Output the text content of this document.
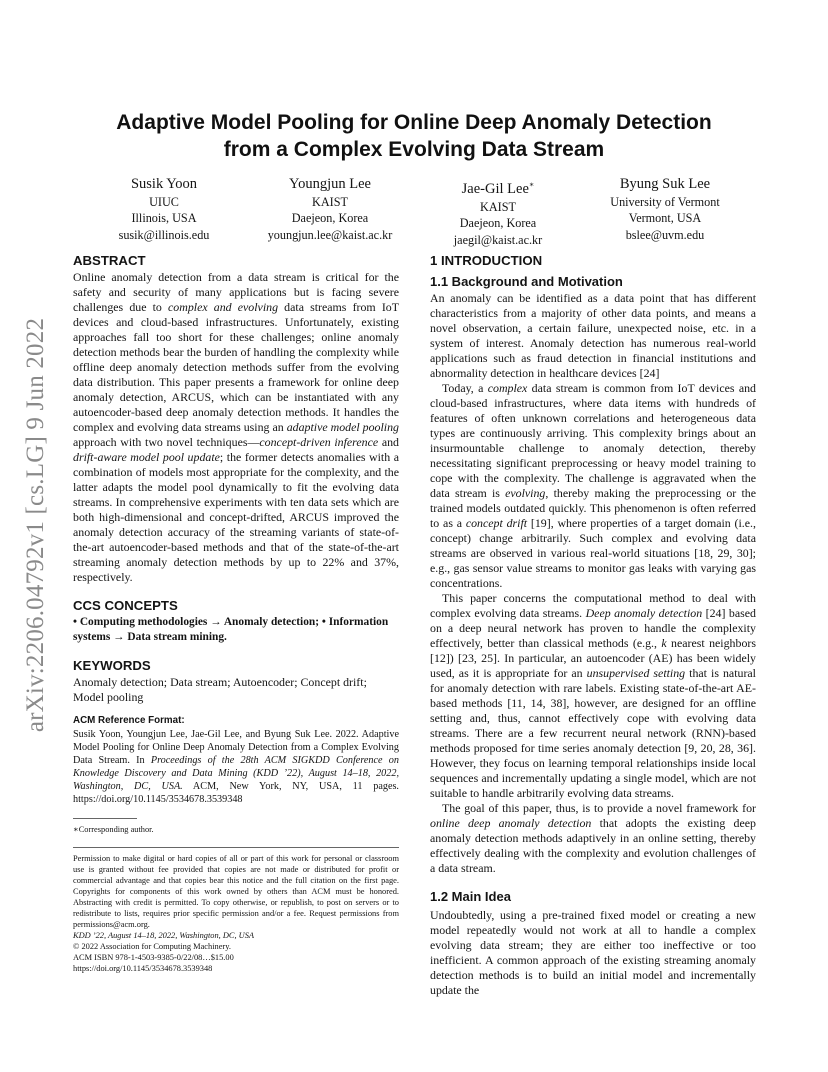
arXiv:2206.04792v1 [cs.LG] 9 Jun 2022
Adaptive Model Pooling for Online Deep Anomaly Detection
from a Complex Evolving Data Stream
Susik Yoon
UIUC
Illinois, USA
susik@illinois.edu
Youngjun Lee
KAIST
Daejeon, Korea
youngjun.lee@kaist.ac.kr
Jae-Gil Lee∗
KAIST
Daejeon, Korea
jaegil@kaist.ac.kr
Byung Suk Lee
University of Vermont
Vermont, USA
bslee@uvm.edu
ABSTRACT

Online anomaly detection from a data stream is critical for the safety and security of many applications but is facing severe challenges due to complex and evolving data streams from IoT devices and cloud-based infrastructures. Unfortunately, existing approaches fall too short for these challenges; online anomaly detection methods bear the burden of handling the complexity while offline deep anomaly detection methods suffer from the evolving data distribution. This paper presents a framework for online deep anomaly detection, ARCUS, which can be instantiated with any autoencoder-based deep anomaly detection methods. It handles the complex and evolving data streams using an adaptive model pooling approach with two novel techniques—concept-driven inference and drift-aware model pool update; the former detects anomalies with a combination of models most appropriate for the complexity, and the latter adapts the model pool dynamically to fit the evolving data streams. In comprehensive experiments with ten data sets which are both high-dimensional and concept-drifted, ARCUS improved the anomaly detection accuracy of the streaming variants of state-of-the-art autoencoder-based methods and that of the state-of-the-art streaming anomaly detection methods by up to 22% and 37%, respectively.

CCS CONCEPTS

• Computing methodologies → Anomaly detection; • Information systems → Data stream mining.

KEYWORDS

Anomaly detection; Data stream; Autoencoder; Concept drift; Model pooling

ACM Reference Format:

Susik Yoon, Youngjun Lee, Jae-Gil Lee, and Byung Suk Lee. 2022. Adaptive Model Pooling for Online Deep Anomaly Detection from a Complex Evolving Data Stream. In Proceedings of the 28th ACM SIGKDD Conference on Knowledge Discovery and Data Mining (KDD ’22), August 14–18, 2022, Washington, DC, USA. ACM, New York, NY, USA, 11 pages. https://doi.org/10.1145/3534678.3539348

∗Corresponding author.

Permission to make digital or hard copies of all or part of this work for personal or classroom use is granted without fee provided that copies are not made or distributed for profit or commercial advantage and that copies bear this notice and the full citation on the first page. Copyrights for components of this work owned by others than ACM must be honored. Abstracting with credit is permitted. To copy otherwise, or republish, to post on servers or to redistribute to lists, requires prior specific permission and/or a fee. Request permissions from permissions@acm.org.

KDD ’22, August 14–18, 2022, Washington, DC, USA

© 2022 Association for Computing Machinery.

ACM ISBN 978-1-4503-9385-0/22/08…$15.00

https://doi.org/10.1145/3534678.3539348

1 INTRODUCTION
1.1 Background and Motivation

An anomaly can be identified as a data point that has different characteristics from a majority of other data points, and means a novel observation, a certain failure, unexpected noise, etc. in a system of interest. Anomaly detection has numerous real-world applications such as fraud detection in financial institutions and abnormality detection in healthcare devices [24]

Today, a complex data stream is common from IoT devices and cloud-based infrastructures, where data items with hundreds of features of often unknown correlations and heterogeneous data types are continuously arriving. This complexity brings about an insurmountable challenge to anomaly detection, thereby necessitating significant preprocessing or heavy model training to cope with the complexity. The challenge is aggravated when the data stream is evolving, thereby making the preprocessing or the trained models outdated quickly. This phenomenon is often referred to as a concept drift [19], where properties of a target domain (i.e., concept) change arbitrarily. Such complex and evolving data streams are observed in various real-world situations [18, 29, 30]; e.g., gas sensor value streams to monitor gas leaks with varying gas concentrations.

This paper concerns the computational method to deal with complex evolving data streams. Deep anomaly detection [24] based on a deep neural network has proven to handle the complexity effectively, better than classical methods (e.g., k nearest neighbors [12]) [23, 25]. In particular, an autoencoder (AE) has been widely used, as it is appropriate for an unsupervised setting that is natural for anomaly detection with rare labels. Existing state-of-the-art AE-based methods [11, 14, 38], however, are designed for an offline setting and, thus, cannot effectively cope with evolving data streams. There are a few recurrent neural network (RNN)-based methods proposed for time series anomaly detection [9, 20, 28, 36]. However, they focus on learning temporal relationships inside local sequences and incrementally updating a single model, which are not suitable to handle arbitrarily evolving data streams.

The goal of this paper, thus, is to provide a novel framework for online deep anomaly detection that adopts the existing deep anomaly detection methods adaptively in an online setting, thereby effectively dealing with the complexity and evolution challenges of a data stream.

1.2 Main Idea

Undoubtedly, using a pre-trained fixed model or creating a new model repeatedly would not work at all to handle a complex evolving data stream; they are either too ineffective or too inefficient. A common approach of the existing streaming anomaly detection methods is to build an initial model and incrementally update the
